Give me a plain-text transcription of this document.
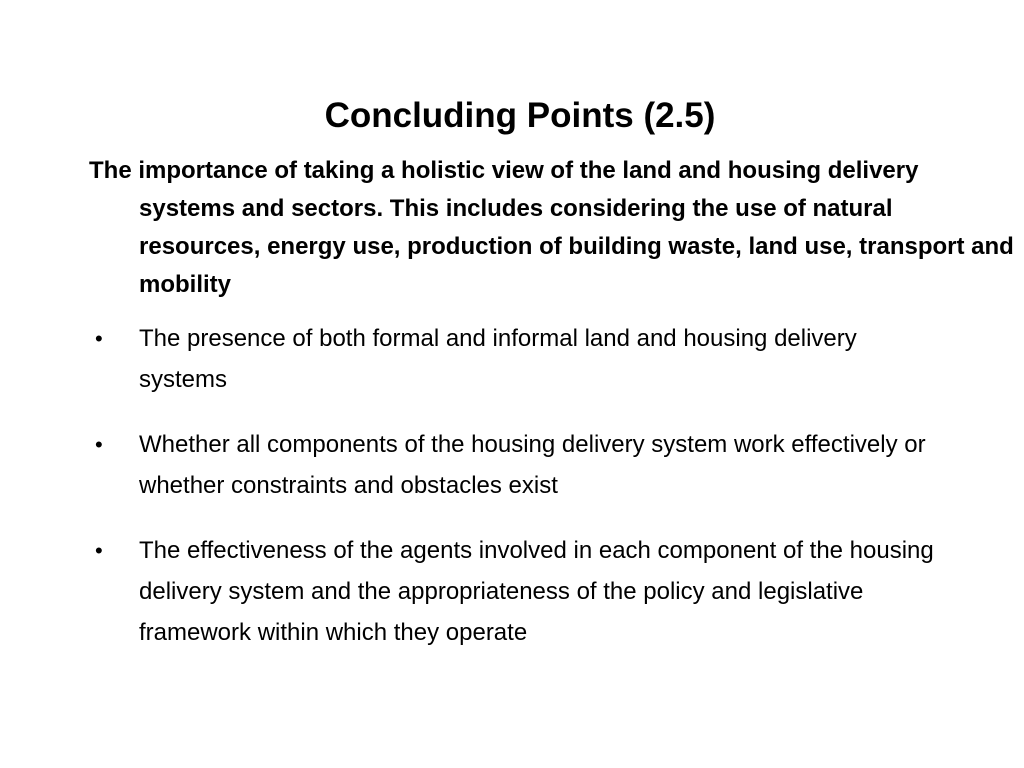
Concluding Points (2.5)

The importance of taking a holistic view of the land and housing delivery systems and sectors. This includes considering the use of natural resources, energy use, production of building waste, land use, transport and mobility

•	The presence of both formal and informal land and housing delivery systems
•	Whether all components of the housing delivery system work effectively or whether constraints and obstacles exist
•	The effectiveness of the agents involved in each component of the housing delivery system and the appropriateness of the policy and legislative framework within which they operate
